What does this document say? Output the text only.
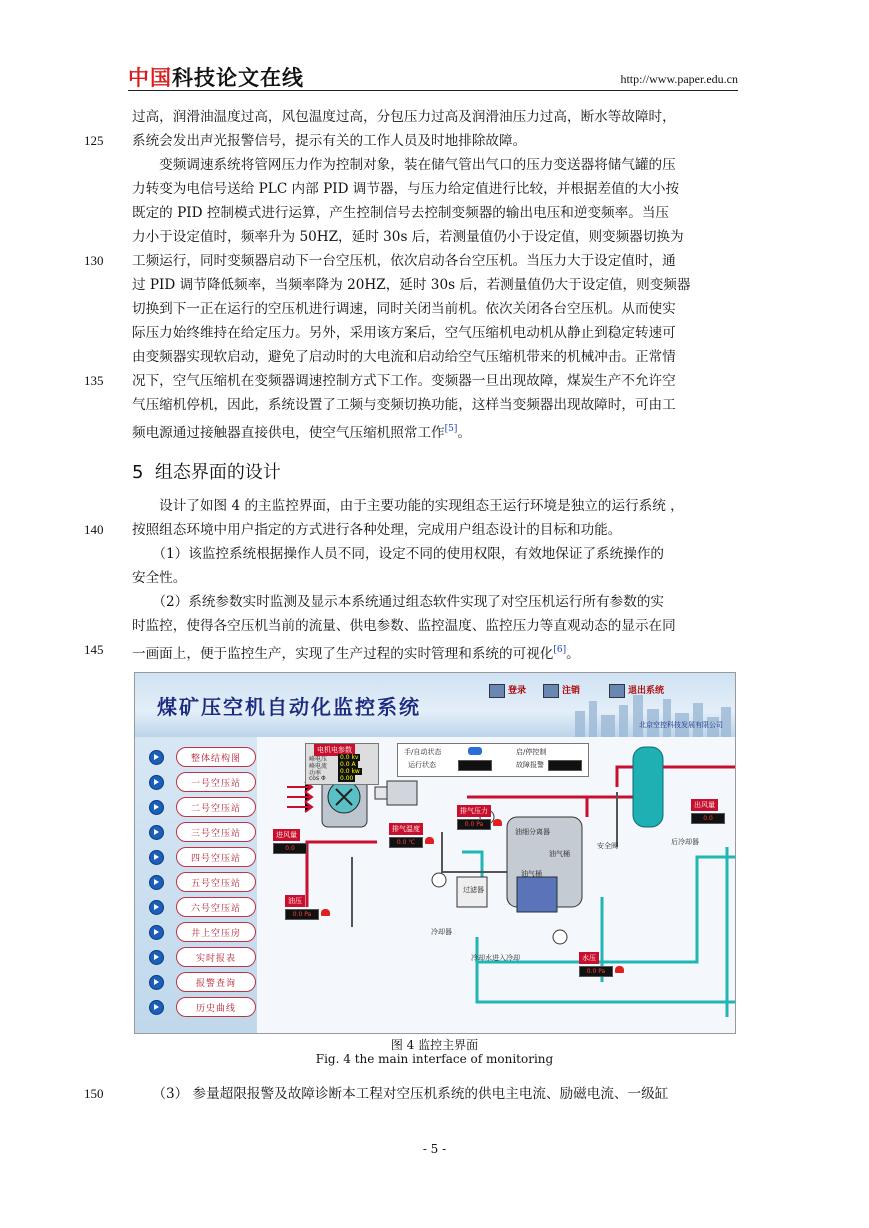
中国科技论文在线	http://www.paper.edu.cn
过高，润滑油温度过高，风包温度过高，分包压力过高及润滑油压力过高，断水等故障时，
系统会发出声光报警信号，提示有关的工作人员及时地排除故障。
125
　　变频调速系统将管网压力作为控制对象，装在储气管出气口的压力变送器将储气罐的压
力转变为电信号送给 PLC 内部 PID 调节器，与压力给定值进行比较，并根据差值的大小按
既定的 PID 控制模式进行运算，产生控制信号去控制变频器的输出电压和逆变频率。当压
力小于设定值时，频率升为 50HZ，延时 30s 后，若测量值仍小于设定值，则变频器切换为
工频运行，同时变频器启动下一台空压机，依次启动各台空压机。当压力大于设定值时，通
130
过 PID 调节降低频率，当频率降为 20HZ，延时 30s 后，若测量值仍大于设定值，则变频器
切换到下一正在运行的空压机进行调速，同时关闭当前机。依次关闭各台空压机。从而使实
际压力始终维持在给定压力。另外，采用该方案后，空气压缩机电动机从静止到稳定转速可
由变频器实现软启动，避免了启动时的大电流和启动给空气压缩机带来的机械冲击。正常情
况下，空气压缩机在变频器调速控制方式下工作。变频器一旦出现故障，煤炭生产不允许空
135
气压缩机停机，因此，系统设置了工频与变频切换功能，这样当变频器出现故障时，可由工
频电源通过接触器直接供电，使空气压缩机照常工作[5]。
5 组态界面的设计
　　设计了如图 4 的主监控界面，由于主要功能的实现组态王运行环境是独立的运行系统 ，
按照组态环境中用户指定的方式进行各种处理，完成用户组态设计的目标和功能。
140
　　（1）该监控系统根据操作人员不同，设定不同的使用权限，有效地保证了系统操作的
安全性。
　　（2）系统参数实时监测及显示本系统通过组态软件实现了对空压机运行所有参数的实
时监控，使得各空压机当前的流量、供电参数、监控温度、监控压力等直观动态的显示在同
一画面上，便于监控生产，实现了生产过程的实时管理和系统的可视化[6]。
145
煤矿压空机自动化监控系统
登录	注销	退出系统
北京空控科技发展有限公司
整体结构图
一号空压站
二号空压站
三号空压站
四号空压站
五号空压站
六号空压站
井上空压房
实时报表
报警查询
历史曲线
电机电参数
峰电压	0.0 kv
峰电流	0.0 A
功率	0.0 kw
cos Φ	0.00
手/自动状态
运行状态
启/停控制
故障报警
排气压力
0.0 Pa
排气温度
0.0 ℃
进风量
0.0
出风量
0.0
油压
0.0 Pa
水压
0.0 Pa
过滤器
冷却器
油细分离器
油气桶
油气桶
安全阀	后冷却器
冷却水进入冷却
图 4 监控主界面
Fig. 4 the main interface of monitoring
150 　　（3） 参量超限报警及故障诊断本工程对空压机系统的供电主电流、励磁电流、一级缸
- 5 -
